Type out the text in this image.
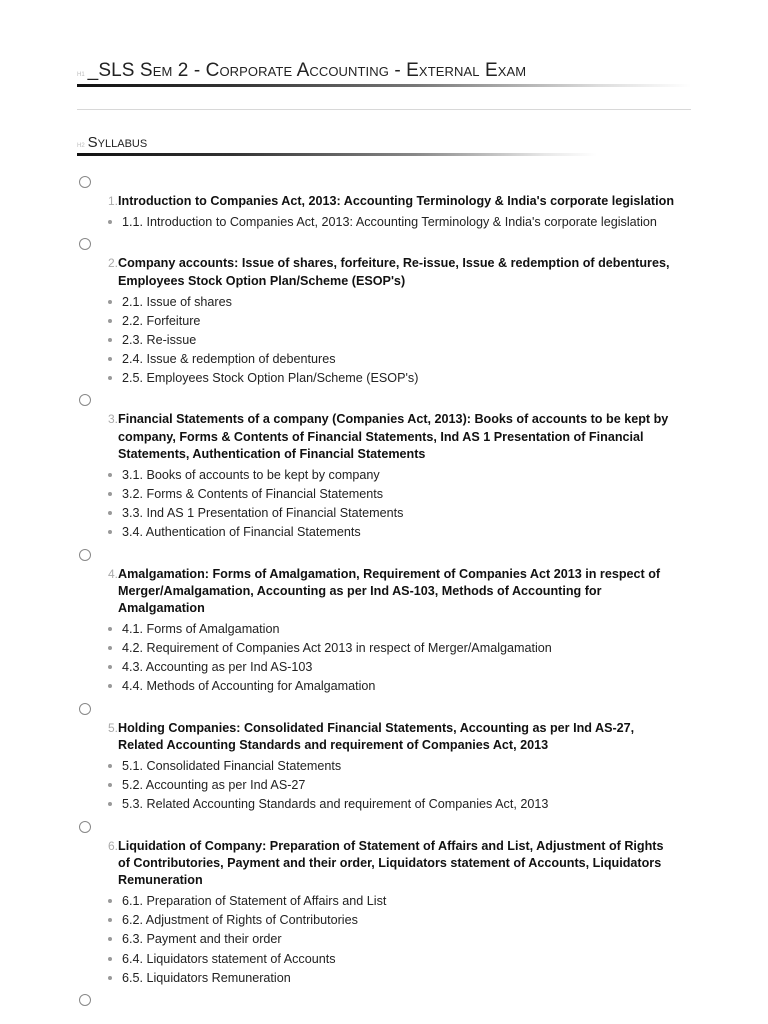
H1 _SLS Sem 2 - Corporate Accounting - External Exam
H2 Syllabus
1. Introduction to Companies Act, 2013: Accounting Terminology & India's corporate legislation
1.1. Introduction to Companies Act, 2013: Accounting Terminology & India's corporate legislation
2. Company accounts: Issue of shares, forfeiture, Re-issue, Issue & redemption of debentures, Employees Stock Option Plan/Scheme (ESOP's)
2.1. Issue of shares
2.2. Forfeiture
2.3. Re-issue
2.4. Issue & redemption of debentures
2.5. Employees Stock Option Plan/Scheme (ESOP's)
3. Financial Statements of a company (Companies Act, 2013): Books of accounts to be kept by company, Forms & Contents of Financial Statements, Ind AS 1 Presentation of Financial Statements, Authentication of Financial Statements
3.1. Books of accounts to be kept by company
3.2. Forms & Contents of Financial Statements
3.3. Ind AS 1 Presentation of Financial Statements
3.4. Authentication of Financial Statements
4. Amalgamation: Forms of Amalgamation, Requirement of Companies Act 2013 in respect of Merger/Amalgamation, Accounting as per Ind AS-103, Methods of Accounting for Amalgamation
4.1. Forms of Amalgamation
4.2. Requirement of Companies Act 2013 in respect of Merger/Amalgamation
4.3. Accounting as per Ind AS-103
4.4. Methods of Accounting for Amalgamation
5. Holding Companies: Consolidated Financial Statements, Accounting as per Ind AS-27, Related Accounting Standards and requirement of Companies Act, 2013
5.1. Consolidated Financial Statements
5.2. Accounting as per Ind AS-27
5.3. Related Accounting Standards and requirement of Companies Act, 2013
6. Liquidation of Company: Preparation of Statement of Affairs and List, Adjustment of Rights of Contributories, Payment and their order, Liquidators statement of Accounts, Liquidators Remuneration
6.1. Preparation of Statement of Affairs and List
6.2. Adjustment of Rights of Contributories
6.3. Payment and their order
6.4. Liquidators statement of Accounts
6.5. Liquidators Remuneration
